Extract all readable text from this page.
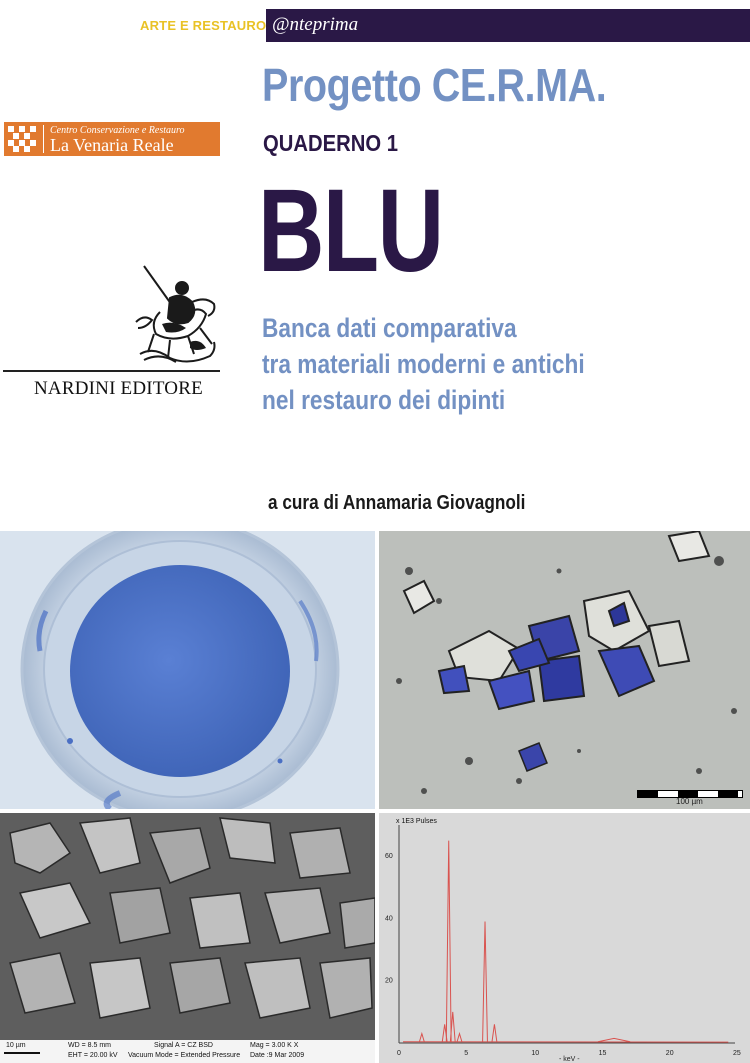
ARTE E RESTAURO @nteprima
Progetto CE.R.MA.
QUADERNO 1
BLU
Banca dati comparativa
tra materiali moderni e antichi
nel restauro dei dipinti
a cura di Annamaria Giovagnoli
Centro Conservazione e Restauro
La Venaria Reale
NARDINI EDITORE
100 µm
10 µm	WD = 8.5 mm
EHT = 20.00 kV
Signal A = CZ BSD
Vacuum Mode = Extended Pressure
Mag = 3.00 K X
Date :9 Mar 2009	0	5	10	15	20	25
20
40
60
- keV -
x 1E3 Pulses
